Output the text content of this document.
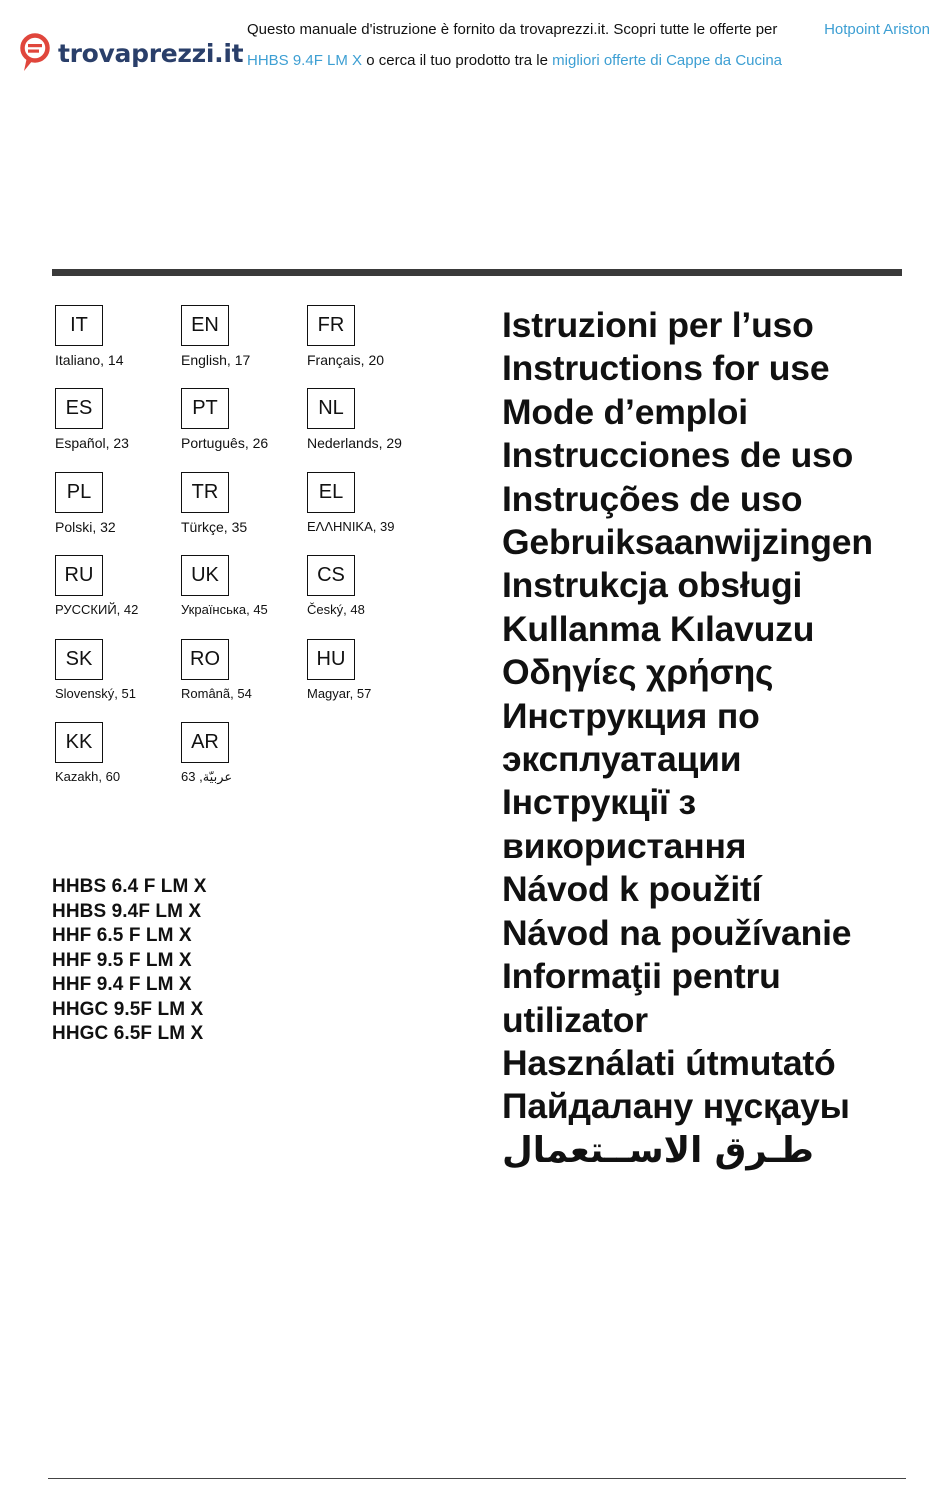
trovaprezzi.it
Questo manuale d'istruzione è fornito da trovaprezzi.it. Scopri tutte le offerte per	Hotpoint Ariston
HHBS 9.4F LM X o cerca il tuo prodotto tra le migliori offerte di Cappe da Cucina
IT
Italiano, 14
EN
English, 17
FR
Français, 20
ES
Español, 23
PT
Português, 26
NL
Nederlands, 29
PL
Polski, 32
TR
Türkçe, 35
EL
ΕΛΛΗΝΙΚΑ, 39
RU
РУССКИЙ, 42
UK
Українська, 45
CS
Český, 48
SK
Slovenský, 51
RO
Românã, 54
HU
Magyar, 57
KK
Kazakh, 60
AR
عربيّة, 63
HHBS 6.4 F LM X
HHBS 9.4F LM X
HHF 6.5 F LM X
HHF 9.5 F LM X
HHF 9.4 F LM X
HHGC 9.5F LM X
HHGC 6.5F LM X
Istruzioni per l’uso
Instructions for use
Mode d’emploi
Instrucciones de uso
Instruções de uso
Gebruiksaanwijzingen
Instrukcja obsługi
Kullanma Kılavuzu
Οδηγίες χρήσης
Инструкция по
эксплуатации
Інструкції з
використання
Návod k použití
Návod na používanie
Informaţii pentru
utilizator
Használati útmutató
Пайдалану нұсқауы
طـرق الاســتعمال
